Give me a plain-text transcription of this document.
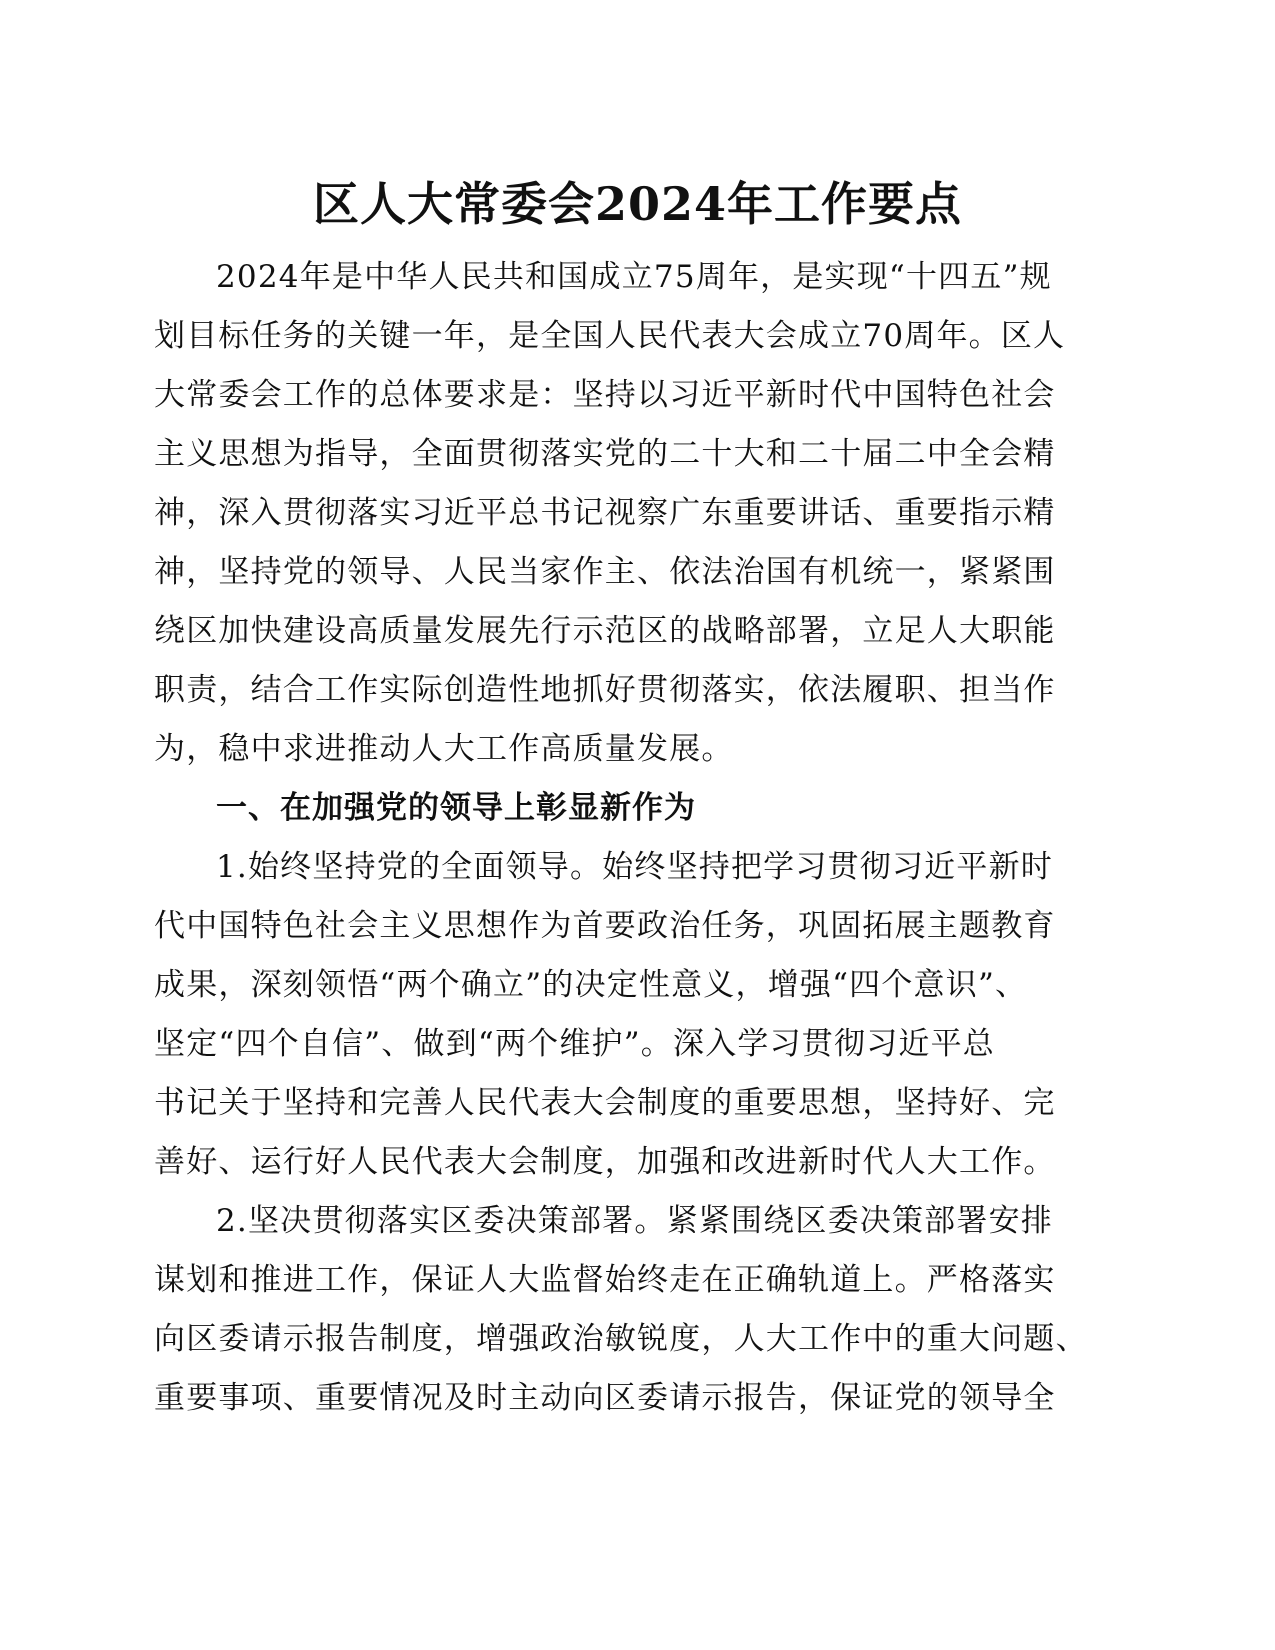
区人大常委会2024年工作要点
2024年是中华人民共和国成立75周年，是实现“十四五”规
划目标任务的关键一年，是全国人民代表大会成立70周年。区人
大常委会工作的总体要求是：坚持以习近平新时代中国特色社会
主义思想为指导，全面贯彻落实党的二十大和二十届二中全会精
神，深入贯彻落实习近平总书记视察广东重要讲话、重要指示精
神，坚持党的领导、人民当家作主、依法治国有机统一，紧紧围
绕区加快建设高质量发展先行示范区的战略部署，立足人大职能
职责，结合工作实际创造性地抓好贯彻落实，依法履职、担当作
为，稳中求进推动人大工作高质量发展。
一、在加强党的领导上彰显新作为
1.始终坚持党的全面领导。始终坚持把学习贯彻习近平新时
代中国特色社会主义思想作为首要政治任务，巩固拓展主题教育
成果，深刻领悟“两个确立”的决定性意义，增强“四个意识”、
坚定“四个自信”、做到“两个维护”。深入学习贯彻习近平总
书记关于坚持和完善人民代表大会制度的重要思想，坚持好、完
善好、运行好人民代表大会制度，加强和改进新时代人大工作。
2.坚决贯彻落实区委决策部署。紧紧围绕区委决策部署安排
谋划和推进工作，保证人大监督始终走在正确轨道上。严格落实
向区委请示报告制度，增强政治敏锐度，人大工作中的重大问题、
重要事项、重要情况及时主动向区委请示报告，保证党的领导全
